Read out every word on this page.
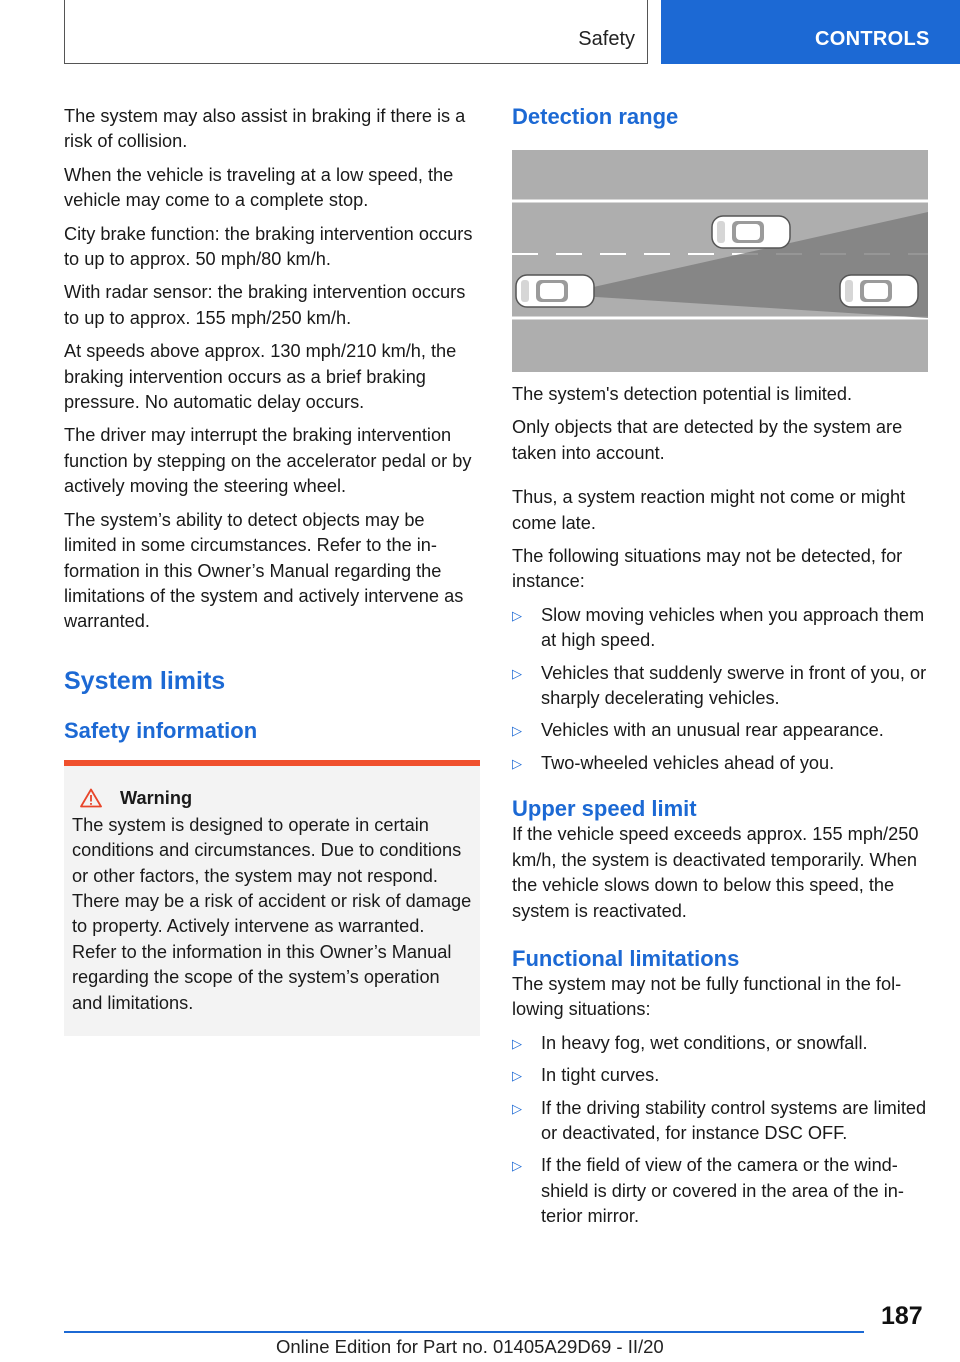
Safety	CONTROLS

The system may also assist in braking if there is a risk of collision.

When the vehicle is traveling at a low speed, the vehicle may come to a complete stop.

City brake function: the braking intervention occurs to up to approx. 50 mph/80 km/h.

With radar sensor: the braking intervention occurs to up to approx. 155 mph/250 km/h.

At speeds above approx. 130 mph/210 km/h, the braking intervention occurs as a brief braking pressure. No automatic delay occurs.

The driver may interrupt the braking intervention function by stepping on the accelerator pedal or by actively moving the steering wheel.

The system’s ability to detect objects may be limited in some circumstances. Refer to the information in this Owner’s Manual regarding the limitations of the system and actively intervene as warranted.

System limits
Safety information
Warning

The system is designed to operate in certain conditions and circumstances. Due to conditions or other factors, the system may not respond. There may be a risk of accident or risk of damage to property. Actively intervene as warranted. Refer to the information in this Owner’s Manual regarding the scope of the system’s operation and limitations.

Detection range

The system's detection potential is limited.

Only objects that are detected by the system are taken into account.

Thus, a system reaction might not come or might come late.

The following situations may not be detected, for instance:

▷ Slow moving vehicles when you approach them at high speed.
▷ Vehicles that suddenly swerve in front of you, or sharply decelerating vehicles.
▷ Vehicles with an unusual rear appearance.
▷ Two-wheeled vehicles ahead of you.
Upper speed limit

If the vehicle speed exceeds approx. 155 mph/250 km/h, the system is deactivated temporarily. When the vehicle slows down to below this speed, the system is reactivated.

Functional limitations

The system may not be fully functional in the following situations:

▷ In heavy fog, wet conditions, or snowfall.
▷ In tight curves.
▷ If the driving stability control systems are limited or deactivated, for instance DSC OFF.
▷ If the field of view of the camera or the windshield is dirty or covered in the area of the interior mirror.
187
Online Edition for Part no. 01405A29D69 - II/20
